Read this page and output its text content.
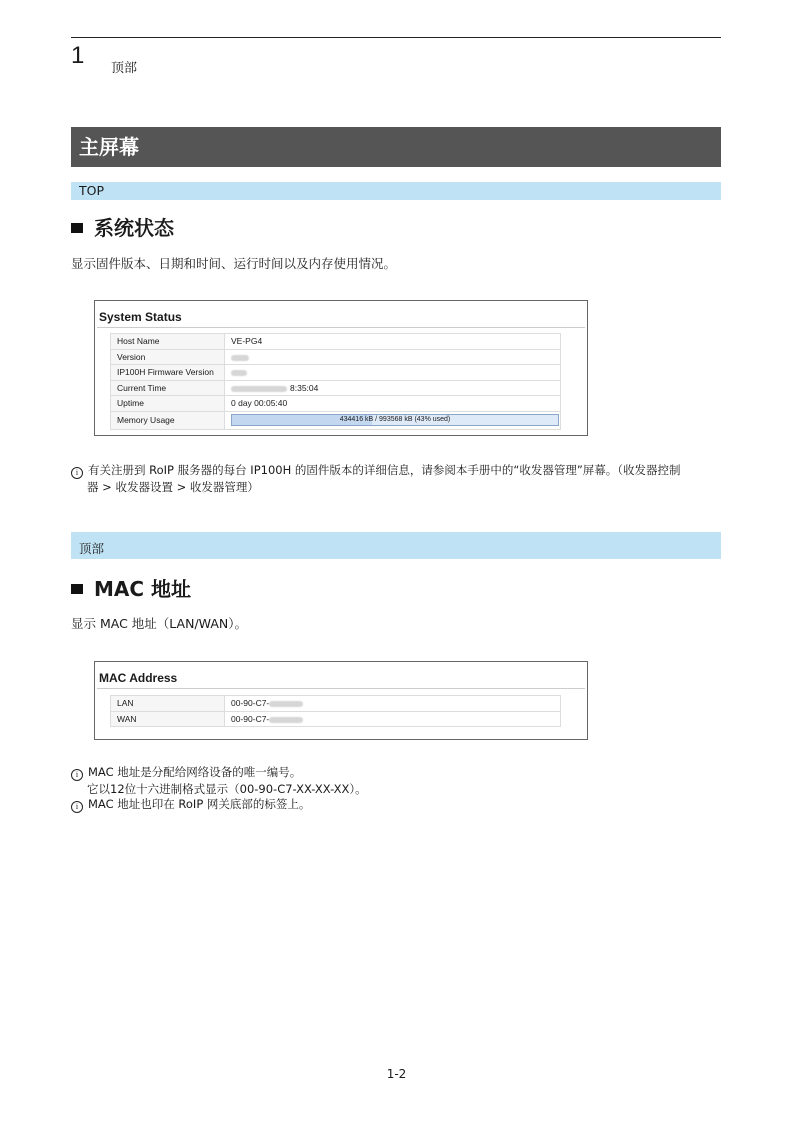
1 顶部
主屏幕
TOP
系统状态
显示固件版本、日期和时间、运行时间以及内存使用情况。
System Status
Host Name	VE-PG4
Version	
IP100H Firmware Version	
Current Time	8:35:04
Uptime	0 day 00:05:40
Memory Usage	434416 kB / 993568 kB (43% used)
i 有关注册到 RoIP 服务器的每台 IP100H 的固件版本的详细信息，请参阅本手册中的“收发器管理”屏幕。（收发器控制
器 > 收发器设置 > 收发器管理）
顶部
MAC 地址
显示 MAC 地址（LAN/WAN）。
MAC Address
LAN	00-90-C7-
WAN	00-90-C7-
i MAC 地址是分配给网络设备的唯一编号。
它以12位十六进制格式显示（00-90-C7-XX-XX-XX）。
i MAC 地址也印在 RoIP 网关底部的标签上。
1-2
